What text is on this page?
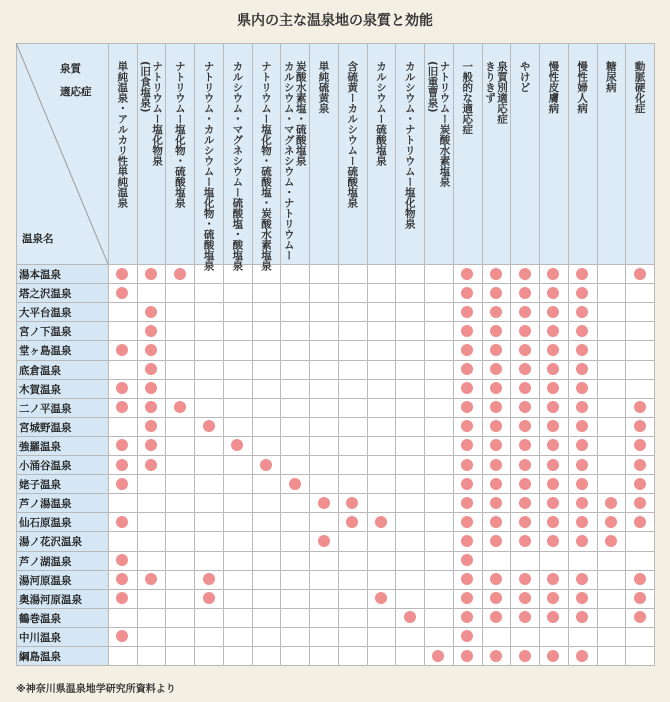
県内の主な温泉地の泉質と効能
単純温泉・アルカリ性単純温泉 ナトリウムー塩化物泉
(旧食塩泉) ナトリウムー塩化物・硫酸塩泉 ナトリウム・カルシウムー塩化物・硫酸塩泉 カルシウム・マグネシウムー硫酸塩・酸塩泉 ナトリウムー塩化物・硫酸塩・炭酸水素塩泉 炭酸水素塩・硫酸塩泉
カルシウム・マグネシウム・ナトリウムー 単純硫黄泉 含硫黄ーカルシウムー硫酸塩泉 カルシウムー硫酸塩泉 カルシウム・ナトリウムー塩化物泉 ナトリウムー炭酸水素塩泉
(旧重曹泉) 一般的な適応症 泉質別適応症
きりきず やけど 慢性皮膚病 慢性婦人病 糖尿病 動脈硬化症
湯本温泉
塔之沢温泉
大平台温泉
宮ノ下温泉
堂ヶ島温泉
底倉温泉
木賀温泉
二ノ平温泉
宮城野温泉
強羅温泉
小涌谷温泉
姥子温泉
芦ノ湯温泉
仙石原温泉
湯ノ花沢温泉
芦ノ湖温泉
湯河原温泉
奥湯河原温泉
鶴巻温泉
中川温泉
綱島温泉
泉質
適応症
温泉名
※神奈川県温泉地学研究所資料より
